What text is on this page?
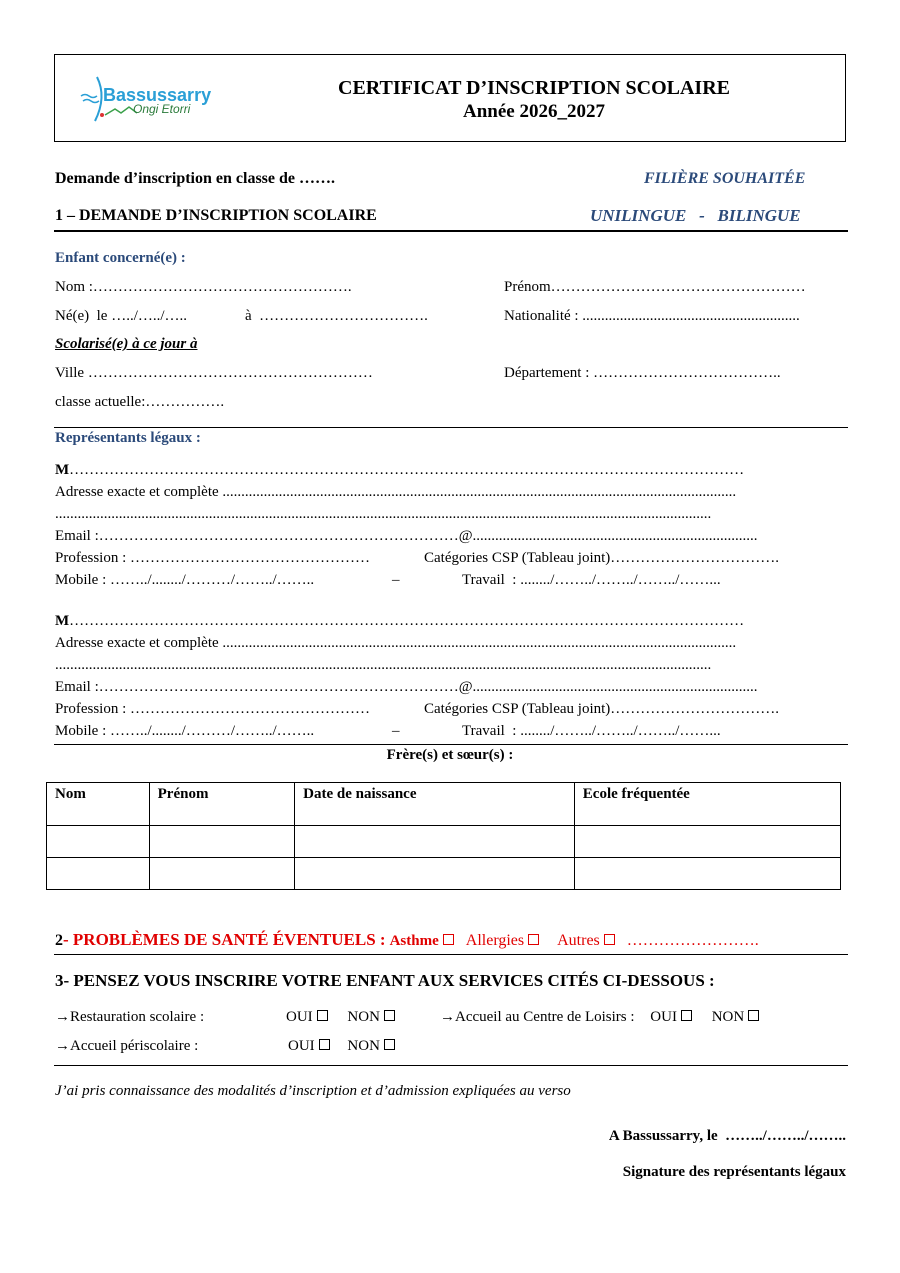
Bassussarry
Ongi Etorri
CERTIFICAT D’INSCRIPTION SCOLAIRE
Année 2026_2027
Demande d’inscription en classe de …….	FILIÈRE SOUHAITÉE
1 – DEMANDE D’INSCRIPTION SCOLAIRE	UNILINGUE   -   BILINGUE
Enfant concerné(e) :
Nom :…………………………………………….	Prénom……………………………………………
Né(e)  le …../…../…..	à  …………………………….	Nationalité : ..........................................................
Scolarisé(e) à ce jour à
Ville …………………………………………………	Département : ………………………………..
classe actuelle:…………….
Représentants légaux :
M………………………………………………………………………………………………………………………
Adresse exacte et complète .........................................................................................................................................
...............................................................................................................................................................................
Email :………………………………………………………………@............................................................................
Profession : …………………………………………	Catégories CSP (Tableau joint)…………………………….
Mobile : ……../......../………/……../……..	–	Travail  : ......../……../……../……../……...
M………………………………………………………………………………………………………………………
Adresse exacte et complète .........................................................................................................................................
...............................................................................................................................................................................
Email :………………………………………………………………@............................................................................
Profession : …………………………………………	Catégories CSP (Tableau joint)…………………………….
Mobile : ……../......../………/……../……..	–	Travail  : ......../……../……../……../……...
Frère(s) et sœur(s) :
Nom	Prénom	Date de naissance	Ecole fréquentée

2- PROBLÈMES DE SANTÉ ÉVENTUELS : Asthme Allergies Autres …………………….
3- PENSEZ VOUS INSCRIRE VOTRE ENFANT AUX SERVICES CITÉS CI-DESSOUS :
→Restauration scolaire :	OUI NON	→Accueil au Centre de Loisirs : OUI NON
→Accueil périscolaire :	OUI NON
J’ai pris connaissance des modalités d’inscription et d’admission expliquées au verso
A Bassussarry, le  ……../……../……..
Signature des représentants légaux
